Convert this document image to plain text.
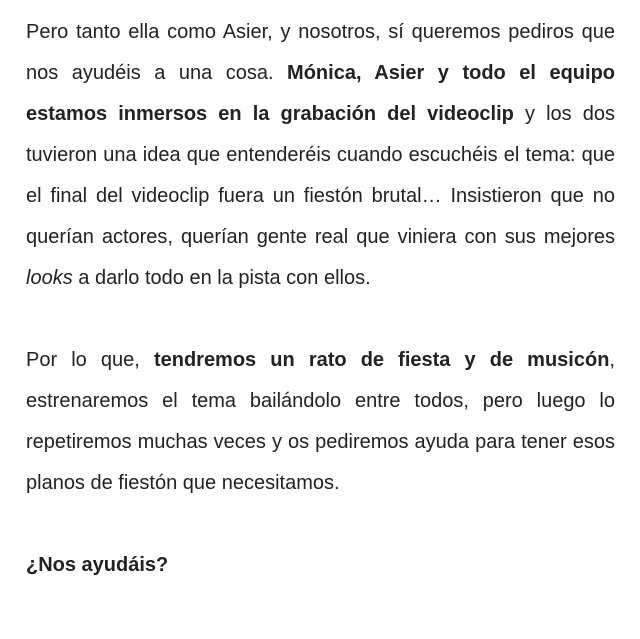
Pero tanto ella como Asier, y nosotros, sí queremos pediros que nos ayudéis a una cosa. Mónica, Asier y todo el equipo estamos inmersos en la grabación del videoclip y los dos tuvieron una idea que entenderéis cuando escuchéis el tema: que el final del videoclip fuera un fiestón brutal… Insistieron que no querían actores, querían gente real que viniera con sus mejores looks a darlo todo en la pista con ellos.

Por lo que, tendremos un rato de fiesta y de musicón, estrenaremos el tema bailándolo entre todos, pero luego lo repetiremos muchas veces y os pediremos ayuda para tener esos planos de fiestón que necesitamos.

¿Nos ayudáis?
